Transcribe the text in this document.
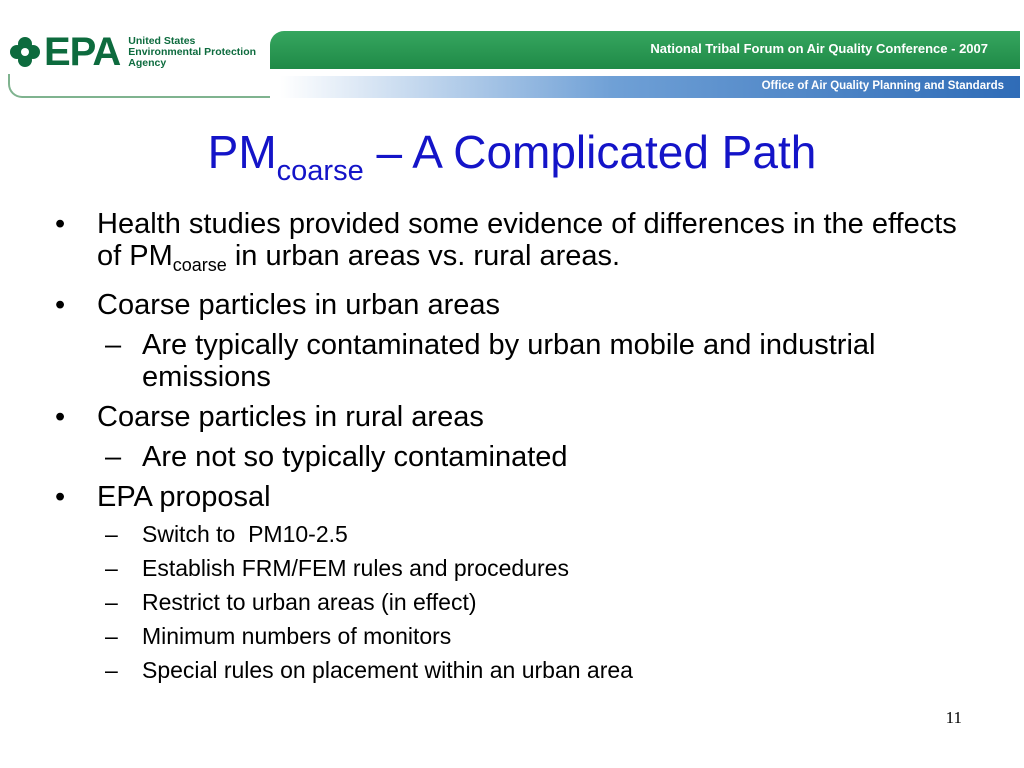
EPA United States
Environmental Protection
Agency
National Tribal Forum on Air Quality Conference - 2007
Office of Air Quality Planning and Standards
$PM_{coarse}$ – A Complicated Path
•	Health studies provided some evidence of differences in the effects of $PM_{coarse}$ in urban areas vs. rural areas.
•	Coarse particles in urban areas
– Are typically contaminated by urban mobile and industrial emissions
•	Coarse particles in rural areas
– Are not so typically contaminated
•	EPA proposal
–	Switch to  PM10-2.5
–	Establish FRM/FEM rules and procedures
–	Restrict to urban areas (in effect)
–	Minimum numbers of monitors
–	Special rules on placement within an urban area
11
